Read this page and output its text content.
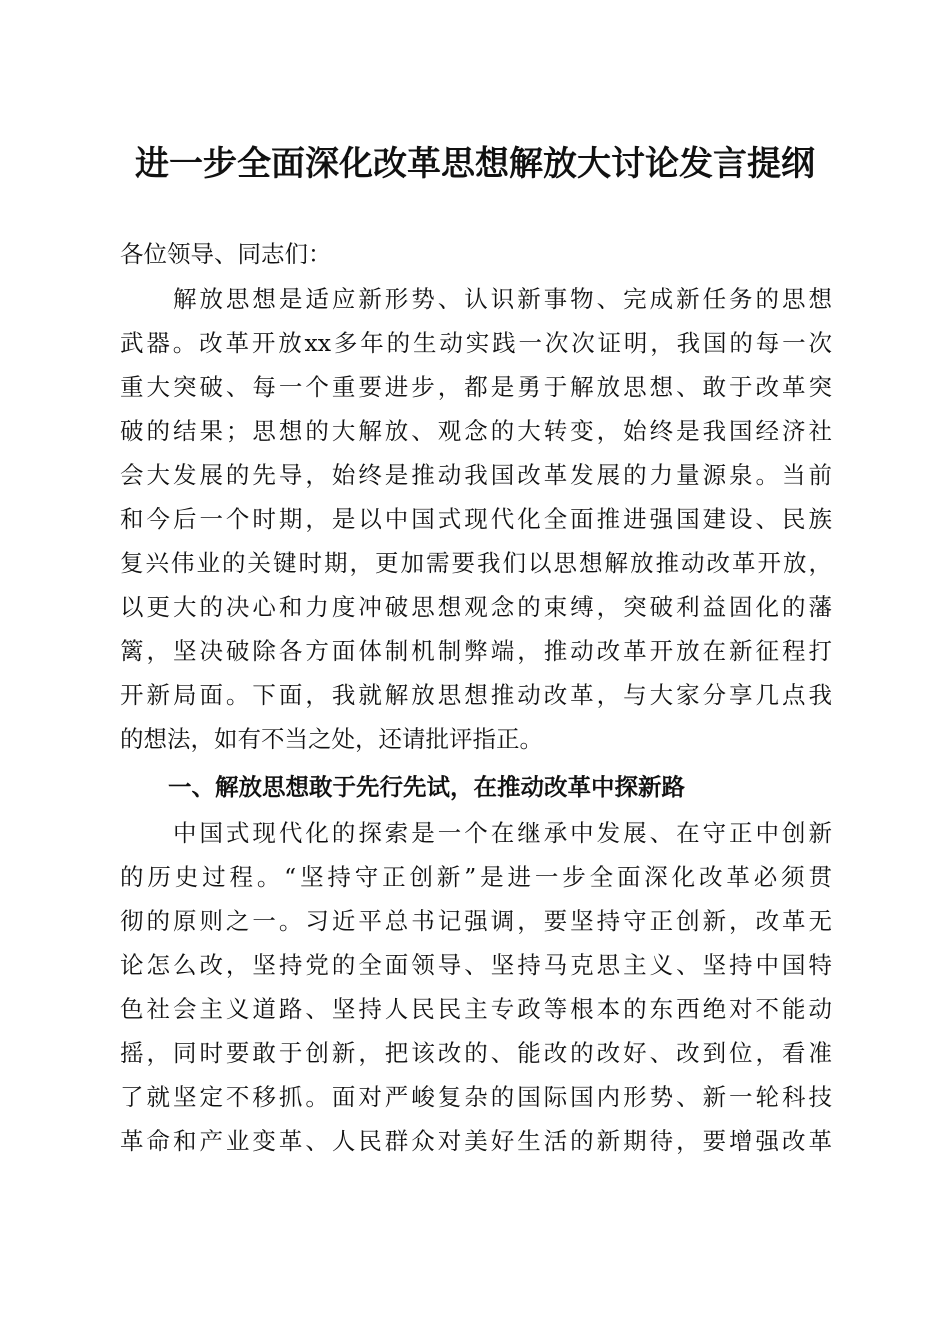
进一步全面深化改革思想解放大讨论发言提纲
各位领导、同志们：
　　解放思想是适应新形势、认识新事物、完成新任务的思想
武器。改革开放xx多年的生动实践一次次证明，我国的每一次
重大突破、每一个重要进步，都是勇于解放思想、敢于改革突
破的结果；思想的大解放、观念的大转变，始终是我国经济社
会大发展的先导，始终是推动我国改革发展的力量源泉。当前
和今后一个时期，是以中国式现代化全面推进强国建设、民族
复兴伟业的关键时期，更加需要我们以思想解放推动改革开放，
以更大的决心和力度冲破思想观念的束缚，突破利益固化的藩
篱，坚决破除各方面体制机制弊端，推动改革开放在新征程打
开新局面。下面，我就解放思想推动改革，与大家分享几点我
的想法，如有不当之处，还请批评指正。
一、解放思想敢于先行先试，在推动改革中探新路
　　中国式现代化的探索是一个在继承中发展、在守正中创新
的历史过程。“坚持守正创新”是进一步全面深化改革必须贯
彻的原则之一。习近平总书记强调，要坚持守正创新，改革无
论怎么改，坚持党的全面领导、坚持马克思主义、坚持中国特
色社会主义道路、坚持人民民主专政等根本的东西绝对不能动
摇，同时要敢于创新，把该改的、能改的改好、改到位，看准
了就坚定不移抓。面对严峻复杂的国际国内形势、新一轮科技
革命和产业变革、人民群众对美好生活的新期待，要增强改革
